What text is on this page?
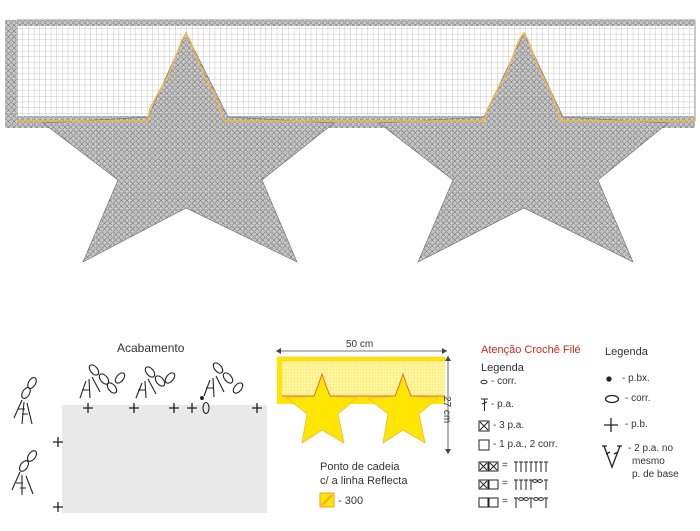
Acabamento	50 cm
27 cm
Ponto de cadeia
c/ a linha Reflecta
- 300
Atenção Crochê Filé
Legenda
- corr.
- p.a.
- 3 p.a.
- 1 p.a., 2 corr.
=
=
=
Legenda
- p.bx.
- corr.
- p.b.
- 2 p.a. no
mesmo
p. de base
